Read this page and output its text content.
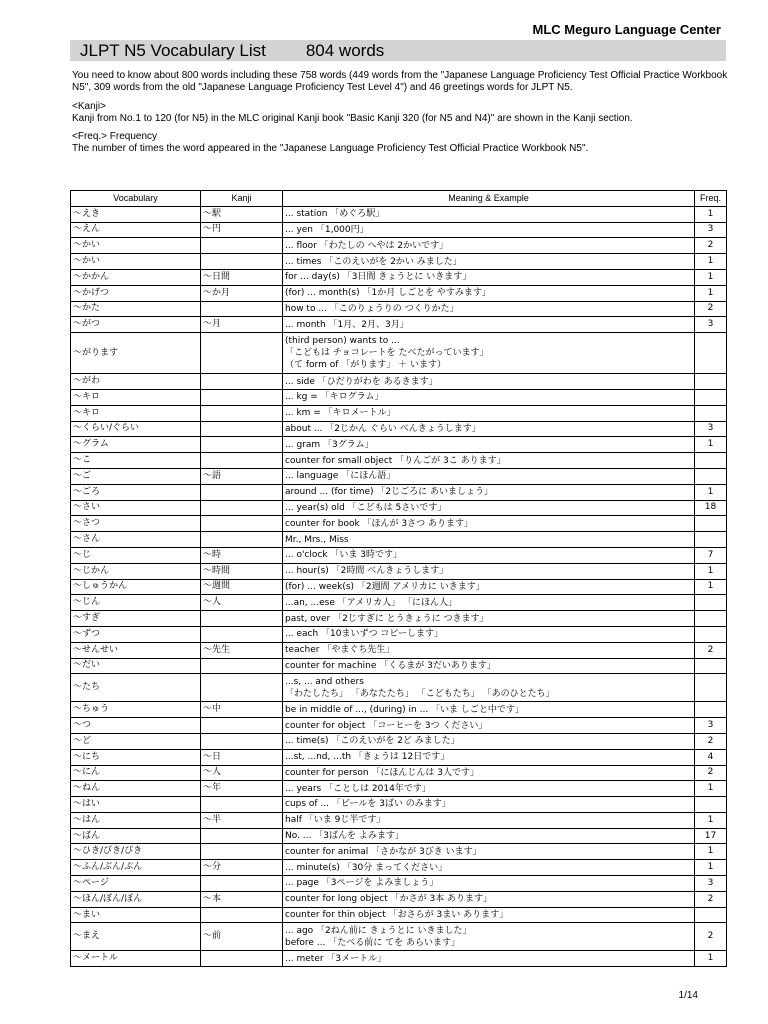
MLC Meguro Language Center
JLPT N5 Vocabulary List 804 words

You need to know about 800 words including these 758 words (449 words from the "Japanese Language Proficiency Test Official Practice Workbook N5", 309 words from the old "Japanese Language Proficiency Test Level 4") and 46 greetings words for JLPT N5.

<Kanji>
Kanji from No.1 to 120 (for N5) in the MLC original Kanji book "Basic Kanji 320 (for N5 and N4)" are shown in the Kanji section.

<Freq.> Frequency
The number of times the word appeared in the "Japanese Language Proficiency Test Official Practice Workbook N5".

Vocabulary	Kanji	Meaning & Example	Freq.
～えき	～駅	... station 「めぐろ駅」	1
～えん	～円	... yen 「1,000円」	3
～かい		... floor 「わたしの へやは 2かいです」	2
～かい		... times 「このえいがを 2かい みました」	1
～かかん	～日間	for ... day(s) 「3日間 きょうとに いきます」	1
～かげつ	～か月	(for) ... month(s) 「1か月 しごとを やすみます」	1
～かた		how to ... 「このりょうりの つくりかた」	2
～がつ	～月	... month 「1月、2月、3月」	3
～がります		(third person) wants to ...
「こどもは チョコレートを たべたがっています」
（て form of 「がります」 ＋ います）	

～がわ		... side 「ひだりがわを あるきます」	

～キロ		... kg = 「キログラム」	

～キロ		... km = 「キロメートル」	

～くらい/ぐらい		about ... 「2じかん ぐらい べんきょうします」	3
～グラム		... gram 「3グラム」	1
～こ		counter for small object 「りんごが 3こ あります」	

～ご	～語	... language 「にほん語」	

～ごろ		around ... (for time) 「2じごろに あいましょう」	1
～さい		... year(s) old 「こどもは 5さいです」	18
～さつ		counter for book 「ほんが 3さつ あります」	

～さん		Mr., Mrs., Miss	

～じ	～時	... o'clock 「いま 3時です」	7
～じかん	～時間	... hour(s) 「2時間 べんきょうします」	1
～しゅうかん	～週間	(for) ... week(s) 「2週間 アメリカに いきます」	1
～じん	～人	...an, ...ese 「アメリカ人」 「にほん人」	

～すぎ		past, over 「2じすぎに とうきょうに つきます」	

～ずつ		... each 「10まいずつ コピーします」	

～せんせい	～先生	teacher 「やまぐち先生」	2
～だい		counter for machine 「くるまが 3だいあります」	

～たち		...s, ... and others
「わたしたち」 「あなたたち」 「こどもたち」 「あのひとたち」	

～ちゅう	～中	be in middle of ..., (during) in ... 「いま しごと中です」	

～つ		counter for object 「コーヒーを 3つ ください」	3
～ど		... time(s) 「このえいがを 2ど みました」	2
～にち	～日	...st, ...nd, ...th 「きょうは 12日です」	4
～にん	～人	counter for person 「にほんじんは 3人です」	2
～ねん	～年	... years 「ことしは 2014年です」	1
～はい		cups of ... 「ビールを 3ばい のみます」	

～はん	～半	half 「いま 9じ半です」	1
～ばん		No. ... 「3ばんを よみます」	17
～ひき/びき/ぴき		counter for animal 「さかなが 3びき います」	1
～ふん/ぶん/ぷん	～分	... minute(s) 「30分 まってください」	1
～ページ		... page 「3ページを よみましょう」	3
～ほん/ぼん/ぽん	～本	counter for long object 「かさが 3本 あります」	2
～まい		counter for thin object 「おさらが 3まい あります」	

～まえ	～前	... ago 「2ねん前に きょうとに いきました」
before ... 「たべる前に てを あらいます」	2
～メートル		... meter 「3メートル」	1
1/14
